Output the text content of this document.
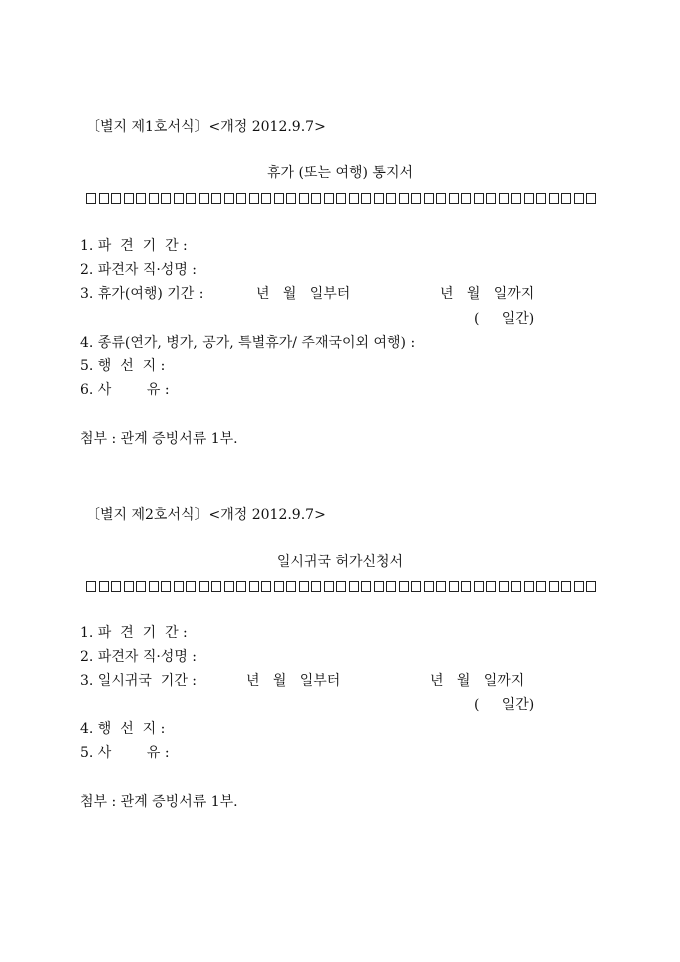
〔별지 제1호서식〕<개정 2012.9.7>
휴가 (또는 여행) 통지서
1. 파  견  기  간 :
2. 파견자 직·성명 :
3. 휴가(여행) 기간 :	년   월   일부터	년   월   일까지
(     일간)
4. 종류(연가, 병가, 공가, 특별휴가/ 주재국이외 여행) :
5. 행  선  지 :
6. 사        유 :
첨부 : 관계 증빙서류 1부.
〔별지 제2호서식〕<개정 2012.9.7>
일시귀국 허가신청서
1. 파  견  기  간 :
2. 파견자 직·성명 :
3. 일시귀국  기간 :	년   월   일부터	년   월   일까지
(     일간)
4. 행  선  지 :
5. 사        유 :
첨부 : 관계 증빙서류 1부.
